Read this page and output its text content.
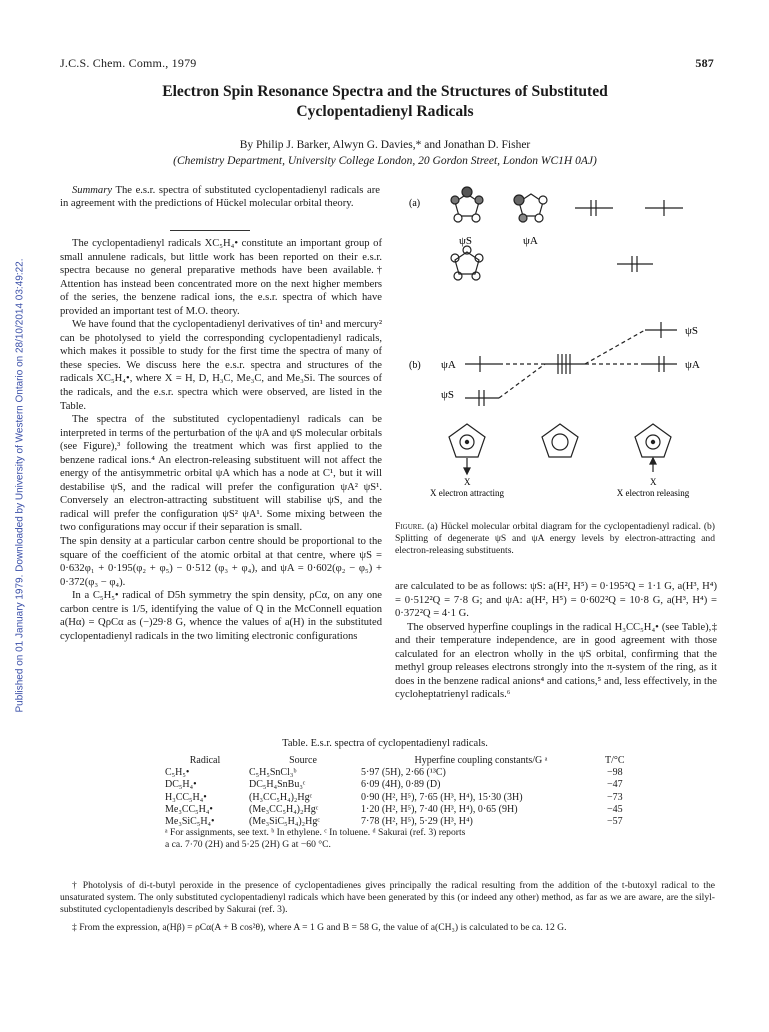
Published on 01 January 1979. Downloaded by University of Western Ontario on 28/10/2014 03:49:22.
J.C.S. Chem. Comm., 1979	587
Electron Spin Resonance Spectra and the Structures of Substituted
Cyclopentadienyl Radicals
By Philip J. Barker, Alwyn G. Davies,* and Jonathan D. Fisher
(Chemistry Department, University College London, 20 Gordon Street, London WC1H 0AJ)
Summary The e.s.r. spectra of substituted cyclopentadienyl radicals are in agreement with the predictions of Hückel molecular orbital theory.

The cyclopentadienyl radicals XC₅H₄• constitute an important group of small annulene radicals, but little work has been reported on their e.s.r. spectra because no general preparative methods have been available.† Attention has instead been concentrated more on the next higher members of the series, the benzene radical ions, the e.s.r. spectra of which have provided an important test of M.O. theory.

We have found that the cyclopentadienyl derivatives of tin¹ and mercury² can be photolysed to yield the corresponding cyclopentadienyl radicals, which makes it possible to study for the first time the spectra of many of these species. We discuss here the e.s.r. spectra and structures of the radicals XC₅H₄•, where X = H, D, H₃C, Me₃C, and Me₃Si. The sources of the radicals, and the e.s.r. spectra which were observed, are listed in the Table.

The spectra of the substituted cyclopentadienyl radicals can be interpreted in terms of the perturbation of the ψA and ψS molecular orbitals (see Figure),³ following the treatment which was first applied to the benzene radical ions.⁴ An electron-releasing substituent will not affect the energy of the antisymmetric orbital ψA which has a node at C¹, but it will destabilise ψS, and the radical will prefer the configuration ψA² ψS¹. Conversely an electron-attracting substituent will stabilise ψS, and the radical will prefer the configuration ψS² ψA¹. Some mixing between the two configurations may occur if their separation is small.

The spin density at a particular carbon centre should be proportional to the square of the coefficient of the atomic orbital at that centre, where ψS = 0·632φ₁ + 0·195(φ₂ + φ₅) − 0·512 (φ₃ + φ₄), and ψA = 0·602(φ₂ − φ₅) + 0·372(φ₃ − φ₄).

In a C₅H₅• radical of D5h symmetry the spin density, ρCα, on any one carbon centre is 1/5, identifying the value of Q in the McConnell equation a(Hα) = QρCα as (−)29·8 G, whence the values of a(H) in the substituted cyclopentadienyl radicals in the two limiting electronic configurations

(a)
ψS	ψA
(b) ψA
ψS
ψS
ψA
X
X electron attracting
X
X electron releasing
Figure. (a) Hückel molecular orbital diagram for the cyclopentadienyl radical. (b) Splitting of degenerate ψS and ψA energy levels by electron-attracting and electron-releasing substituents.

are calculated to be as follows: ψS: a(H², H⁵) = 0·195²Q = 1·1 G, a(H³, H⁴) = 0·512²Q = 7·8 G; and ψA: a(H², H⁵) = 0·602²Q = 10·8 G, a(H³, H⁴) = 0·372²Q = 4·1 G.

The observed hyperfine couplings in the radical H₃CC₅H₄• (see Table),‡ and their temperature independence, are in good agreement with those calculated for an electron wholly in the ψS orbital, confirming that the methyl group releases electrons strongly into the π-system of the ring, as it does in the benzene radical anions⁴ and cations,⁵ and, less effectively, in the cycloheptatrienyl radicals.⁶

Table. E.s.r. spectra of cyclopentadienyl radicals.
Radical	Source	Hyperfine coupling constants/G ᵃ	T/°C
C₅H₅•	C₅H₅SnCl₃ᵇ	5·97 (5H), 2·66 (¹³C)	−98
DC₅H₄•	DC₅H₄SnBu₃ᶜ	6·09 (4H), 0·89 (D)	−47
H₃CC₅H₄•	(H₃CC₅H₄)₂Hgᶜ	0·90 (H², H⁵), 7·65 (H³, H⁴), 15·30 (3H)	−73
Me₃CC₅H₄•	(Me₃CC₅H₄)₂Hgᶜ	1·20 (H², H⁵), 7·40 (H³, H⁴), 0·65 (9H)	−45
Me₃SiC₅H₄•	(Me₃SiC₅H₄)₂Hgᶜ	7·78 (H², H⁵), 5·29 (H³, H⁴)	−57
ᵃ For assignments, see text. ᵇ In ethylene. ᶜ In toluene. ᵈ Sakurai (ref. 3) reports
a ca. 7·70 (2H) and 5·25 (2H) G at −60 °C.
† Photolysis of di-t-butyl peroxide in the presence of cyclopentadienes gives principally the radical resulting from the addition of the t-butoxyl radical to the unsaturated system. The only substituted cyclopentadienyl radicals which have been generated by this (or indeed any other) method, as far as we are aware, are the silyl-substituted cyclopentadienyls described by Sakurai (ref. 3).
‡ From the expression, a(Hβ) = ρCα(A + B cos²θ), where A = 1 G and B = 58 G, the value of a(CH₃) is calculated to be ca. 12 G.
